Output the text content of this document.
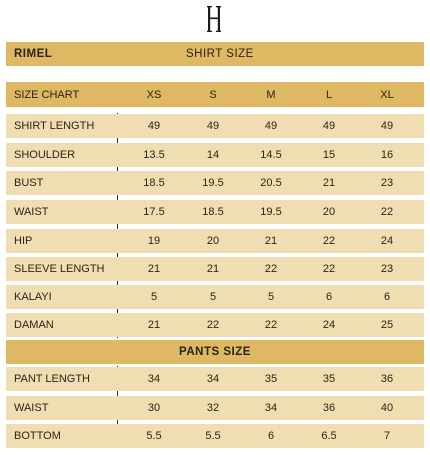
RIMEL	SHIRT SIZE
SIZE CHART	XS	S	M	L	XL
SHIRT LENGTH	49	49	49	49	49
SHOULDER	13.5	14	14.5	15	16
BUST	18.5	19.5	20.5	21	23
WAIST	17.5	18.5	19.5	20	22
HIP	19	20	21	22	24
SLEEVE LENGTH	21	21	22	22	23
KALAYI	5	5	5	6	6
DAMAN	21	22	22	24	25
PANTS SIZE
PANT LENGTH	34	34	35	35	36
WAIST	30	32	34	36	40
BOTTOM	5.5	5.5	6	6.5	7
